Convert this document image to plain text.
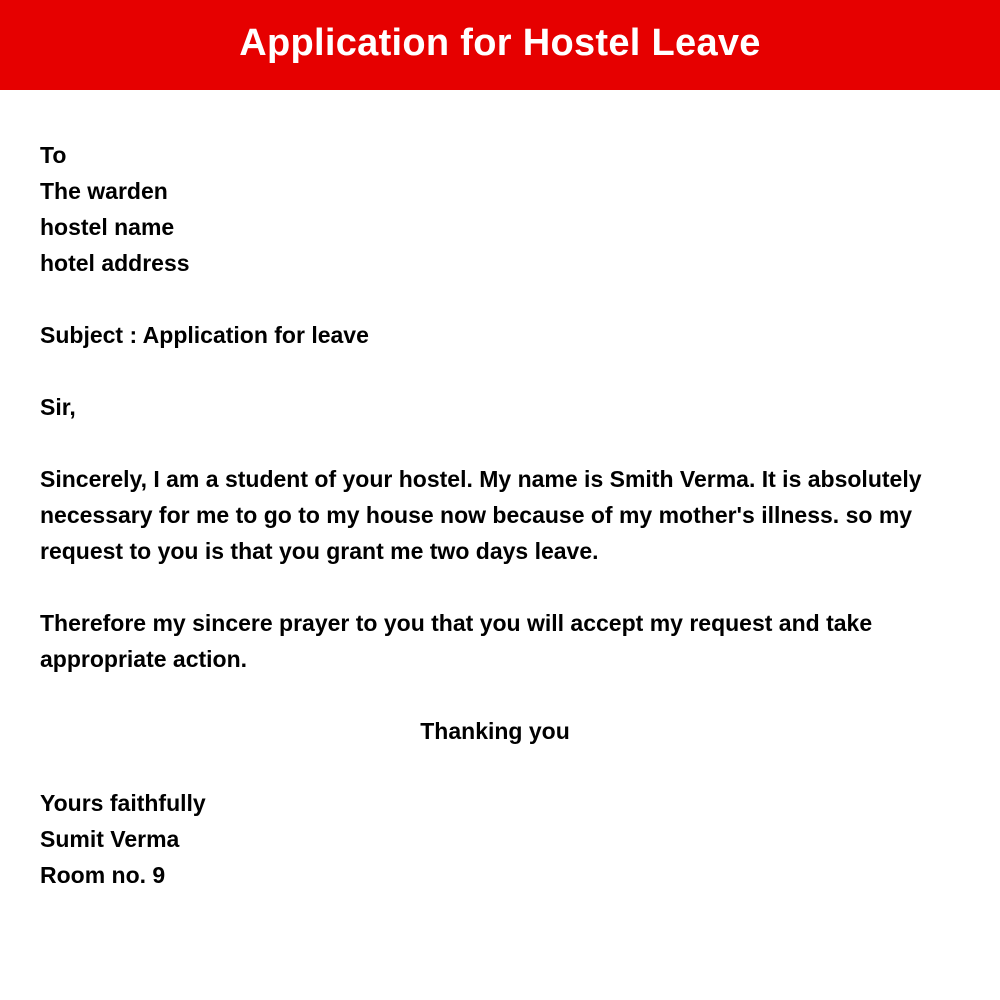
Application for Hostel Leave
To
The warden
hostel name
hotel address
Subject : Application for leave
Sir,
Sincerely, I am a student of your hostel. My name is Smith Verma. It is absolutely necessary for me to go to my house now because of my mother's illness. so my request to you is that you grant me two days leave.
Therefore my sincere prayer to you that you will accept my request and take appropriate action.
Thanking you
Yours faithfully
Sumit Verma
Room no. 9
